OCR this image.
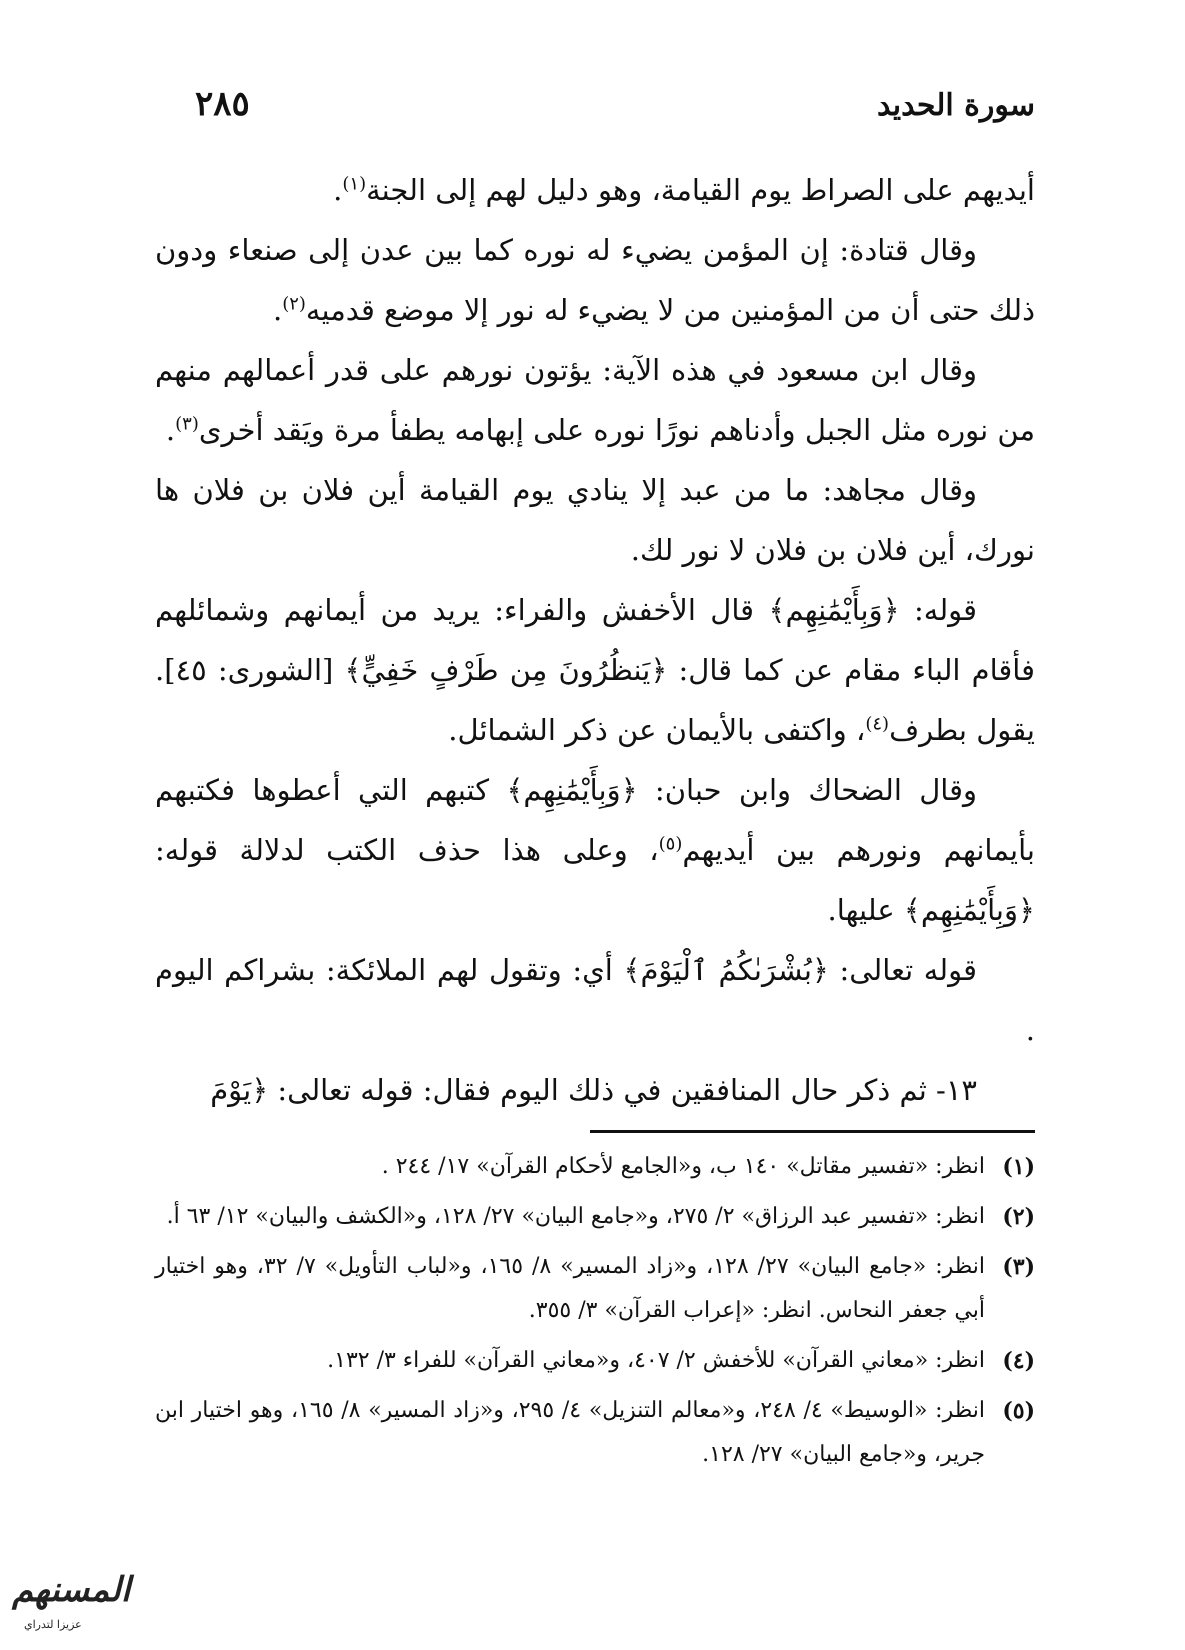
سورة الحديد
٢٨٥

أيديهم على الصراط يوم القيامة، وهو دليل لهم إلى الجنة$^{(١)}$.

وقال قتادة: إن المؤمن يضيء له نوره كما بين عدن إلى صنعاء ودون ذلك حتى أن من المؤمنين من لا يضيء له نور إلا موضع قدميه$^{(٢)}$.

وقال ابن مسعود في هذه الآية: يؤتون نورهم على قدر أعمالهم منهم من نوره مثل الجبل وأدناهم نورًا نوره على إبهامه يطفأ مرة ويَقد أخرى$^{(٣)}$.

وقال مجاهد: ما من عبد إلا ينادي يوم القيامة أين فلان بن فلان ها نورك، أين فلان بن فلان لا نور لك.

قوله: ﴿وَبِأَيْمَٰنِهِم﴾ قال الأخفش والفراء: يريد من أيمانهم وشمائلهم فأقام الباء مقام عن كما قال: ﴿يَنظُرُونَ مِن طَرْفٍ خَفِيٍّ﴾ [الشورى: ٤٥]. يقول بطرف$^{(٤)}$، واكتفى بالأيمان عن ذكر الشمائل.

وقال الضحاك وابن حبان: ﴿وَبِأَيْمَٰنِهِم﴾ كتبهم التي أعطوها فكتبهم بأيمانهم ونورهم بين أيديهم$^{(٥)}$، وعلى هذا حذف الكتب لدلالة قوله: ﴿وَبِأَيْمَٰنِهِم﴾ عليها.

قوله تعالى: ﴿بُشْرَىٰكُمُ ٱلْيَوْمَ﴾ أي: وتقول لهم الملائكة: بشراكم اليوم .

١٣- ثم ذكر حال المنافقين في ذلك اليوم فقال: قوله تعالى: ﴿يَوْمَ

(١)
انظر: «تفسير مقاتل» ١٤٠ ب، و«الجامع لأحكام القرآن» ١٧/ ٢٤٤ .
(٢)
انظر: «تفسير عبد الرزاق» ٢/ ٢٧٥، و«جامع البيان» ٢٧/ ١٢٨، و«الكشف والبيان» ١٢/ ٦٣ أ.
(٣)
انظر: «جامع البيان» ٢٧/ ١٢٨، و«زاد المسير» ٨/ ١٦٥، و«لباب التأويل» ٧/ ٣٢، وهو اختيار أبي جعفر النحاس. انظر: «إعراب القرآن» ٣/ ٣٥٥.
(٤)
انظر: «معاني القرآن» للأخفش ٢/ ٤٠٧، و«معاني القرآن» للفراء ٣/ ١٣٢.
(٥)
انظر: «الوسيط» ٤/ ٢٤٨، و«معالم التنزيل» ٤/ ٢٩٥، و«زاد المسير» ٨/ ١٦٥، وهو اختيار ابن جرير، و«جامع البيان» ٢٧/ ١٢٨.
المسنهم
عزيزا لتدراي
